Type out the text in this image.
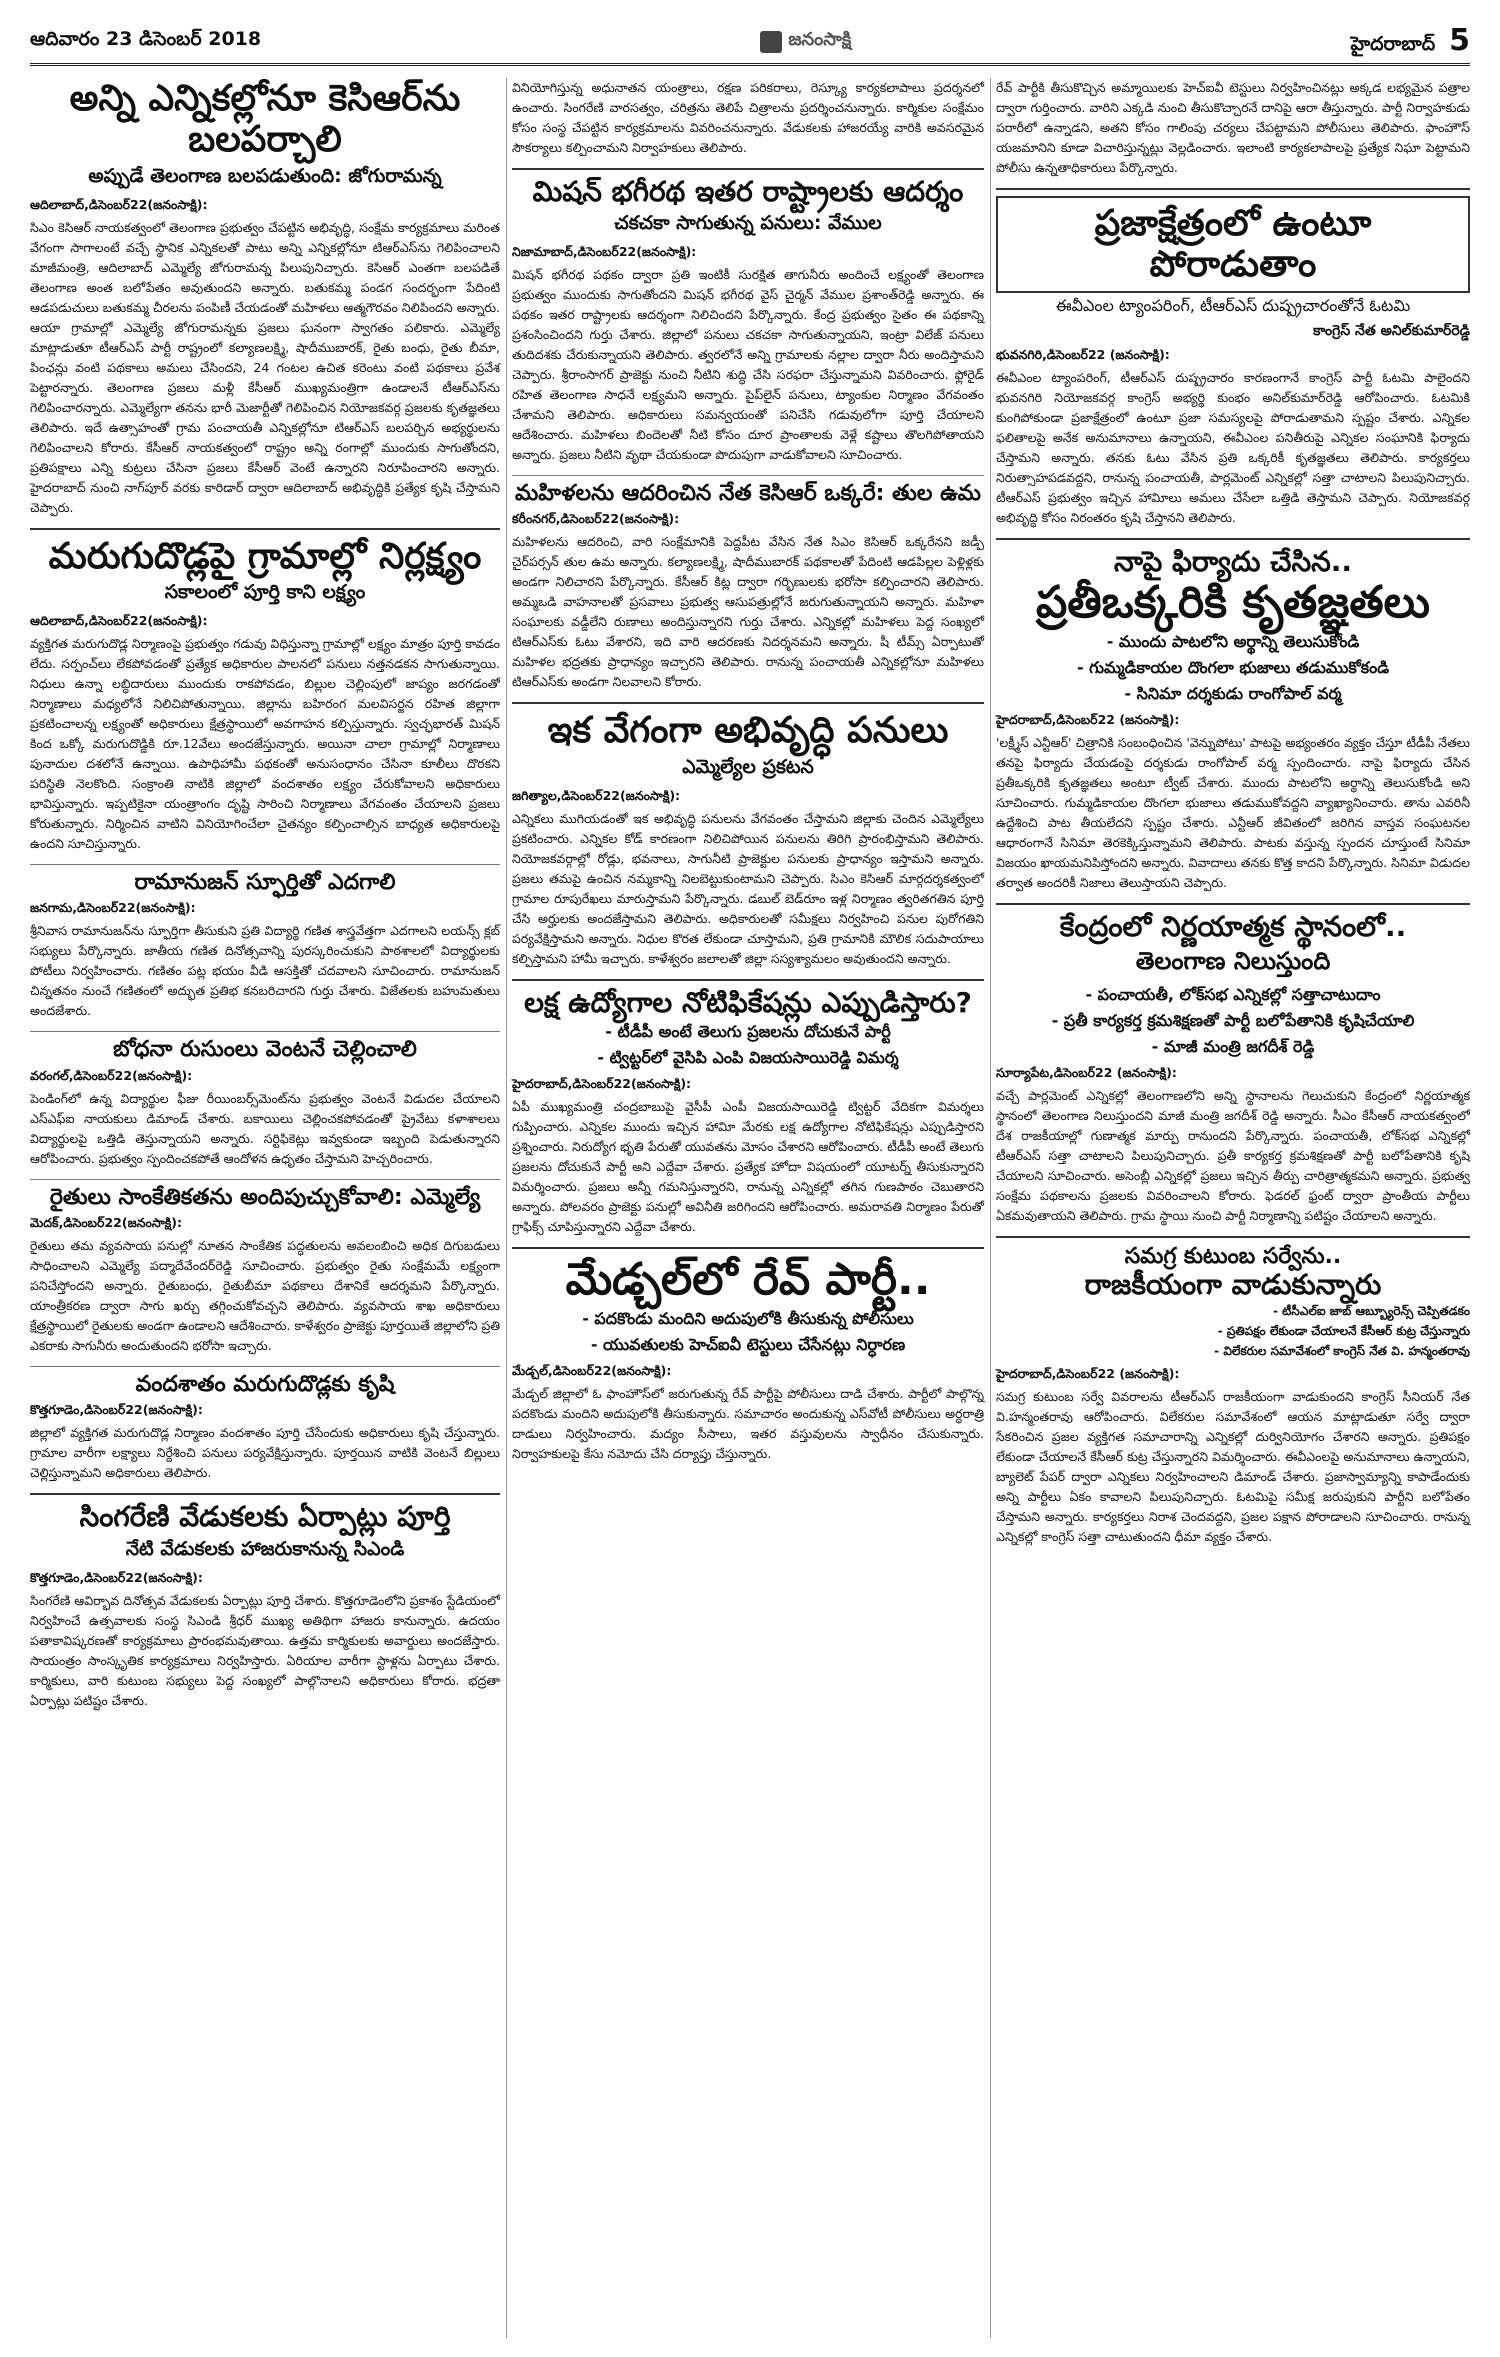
ఆదివారం 23 డిసెంబర్ 2018	జనంసాక్షి	హైదరాబాద్ 5
అన్ని ఎన్నికల్లోనూ కెసిఆర్‌ను బలపర్చాలి
అప్పుడే తెలంగాణ బలపడుతుంది: జోగురామన్న
ఆదిలాబాద్‌,డిసెంబర్‌22(జనంసాక్షి):
సిఎం కెసిఆర్‌ నాయకత్వంలో తెలంగాణ ప్రభుత్వం చేపట్టిన అభివృద్ధి, సంక్షేమ కార్యక్రమాలు మరింత వేగంగా సాగాలంటే వచ్చే స్థానిక ఎన్నికలతో పాటు అన్ని ఎన్నికల్లోనూ టిఆర్‌ఎస్‌ను గెలిపించాలని మాజీమంత్రి, ఆదిలాబాద్‌ ఎమ్మెల్యే జోగురామన్న పిలుపునిచ్చారు. కెసిఆర్‌ ఎంతగా బలపడితే తెలంగాణ అంత బలోపేతం అవుతుందని అన్నారు. బతుకమ్మ పండగ సందర్భంగా పేదింటి ఆడపడుచులు బతుకమ్మ చీరలను పంపిణీ చేయడంతో మహిళలు ఆత్మగౌరవం నిలిపిందని అన్నారు. ఆయా గ్రామాల్లో ఎమ్మెల్యే జోగురామన్నకు ప్రజలు ఘనంగా స్వాగతం పలికారు. ఎమ్మెల్యే మాట్లాడుతూ టీఆర్‌ఎస్‌ పార్టీ రాష్ట్రంలో కల్యాణలక్ష్మి, షాదీముబారక్‌, రైతు బంధు, రైతు బీమా, పింఛన్లు వంటి పథకాలు అమలు చేసిందని, 24 గంటల ఉచిత కరెంటు వంటి పథకాలు ప్రవేశ పెట్టారన్నారు. తెలంగాణ ప్రజలు మళ్లీ కేసీఆర్‌ ముఖ్యమంత్రిగా ఉండాలనే టీఆర్‌ఎస్‌ను గెలిపించారన్నారు. ఎమ్మెల్యేగా తనను భారీ మెజార్టీతో గెలిపించిన నియోజకవర్గ ప్రజలకు కృతజ్ఞతలు తెలిపారు. ఇదే ఉత్సాహంతో గ్రామ పంచాయతీ ఎన్నికల్లోనూ టిఆర్‌ఎస్‌ బలపర్చిన అభ్యర్థులను గెలిపించాలని కోరారు. కేసీఆర్‌ నాయకత్వంలో రాష్ట్రం అన్ని రంగాల్లో ముందుకు సాగుతోందని, ప్రతిపక్షాలు ఎన్ని కుట్రలు చేసినా ప్రజలు కేసీఆర్‌ వెంటే ఉన్నారని నిరూపించారని అన్నారు. హైదరాబాద్‌ నుంచి నాగ్‌పూర్‌ వరకు కారిడార్‌ ద్వారా ఆదిలాబాద్‌ అభివృద్ధికి ప్రత్యేక కృషి చేస్తామని చెప్పారు.
మరుగుదొడ్లపై గ్రామాల్లో నిర్లక్ష్యం
సకాలంలో పూర్తి కాని లక్ష్యం
ఆదిలాబాద్‌,డిసెంబర్‌22(జనంసాక్షి):
వ్యక్తిగత మరుగుదొడ్ల నిర్మాణంపై ప్రభుత్వం గడువు విధిస్తున్నా గ్రామాల్లో లక్ష్యం మాత్రం పూర్తి కావడం లేదు. సర్పంచ్‌లు లేకపోవడంతో ప్రత్యేక అధికారుల పాలనలో పనులు నత్తనడకన సాగుతున్నాయి. నిధులు ఉన్నా లబ్ధిదారులు ముందుకు రాకపోవడం, బిల్లుల చెల్లింపులో జాప్యం జరగడంతో నిర్మాణాలు మధ్యలోనే నిలిచిపోతున్నాయి. జిల్లాను బహిరంగ మలవిసర్జన రహిత జిల్లాగా ప్రకటించాలన్న లక్ష్యంతో అధికారులు క్షేత్రస్థాయిలో అవగాహన కల్పిస్తున్నారు. స్వచ్ఛభారత్‌ మిషన్‌ కింద ఒక్కో మరుగుదొడ్డికి రూ.12వేలు అందజేస్తున్నారు. అయినా చాలా గ్రామాల్లో నిర్మాణాలు పునాదుల దశలోనే ఉన్నాయి. ఉపాధిహామీ పథకంతో అనుసంధానం చేసినా కూలీలు దొరకని పరిస్థితి నెలకొంది. సంక్రాంతి నాటికి జిల్లాలో వందశాతం లక్ష్యం చేరుకోవాలని అధికారులు భావిస్తున్నారు. ఇప్పటికైనా యంత్రాంగం దృష్టి సారించి నిర్మాణాలు వేగవంతం చేయాలని ప్రజలు కోరుతున్నారు. నిర్మించిన వాటిని వినియోగించేలా చైతన్యం కల్పించాల్సిన బాధ్యత అధికారులపై ఉందని సూచిస్తున్నారు.
రామానుజన్‌ స్ఫూర్తితో ఎదగాలి
జనగామ,డిసెంబర్‌22(జనంసాక్షి):
శ్రీనివాస రామానుజన్‌ను స్ఫూర్తిగా తీసుకుని ప్రతి విద్యార్థి గణిత శాస్త్రవేత్తగా ఎదగాలని లయన్స్‌ క్లబ్‌ సభ్యులు పేర్కొన్నారు. జాతీయ గణిత దినోత్సవాన్ని పురస్కరించుకుని పాఠశాలలో విద్యార్థులకు పోటీలు నిర్వహించారు. గణితం పట్ల భయం వీడి ఆసక్తితో చదవాలని సూచించారు. రామానుజన్‌ చిన్నతనం నుంచే గణితంలో అద్భుత ప్రతిభ కనబరిచారని గుర్తు చేశారు. విజేతలకు బహుమతులు అందజేశారు.
బోధనా రుసుంలు వెంటనే చెల్లించాలి
వరంగల్‌,డిసెంబర్‌22(జనంసాక్షి):
పెండింగ్‌లో ఉన్న విద్యార్థుల ఫీజు రీయింబర్స్‌మెంట్‌ను ప్రభుత్వం వెంటనే విడుదల చేయాలని ఎస్‌ఎఫ్‌ఐ నాయకులు డిమాండ్‌ చేశారు. బకాయిలు చెల్లించకపోవడంతో ప్రైవేటు కళాశాలలు విద్యార్థులపై ఒత్తిడి తెస్తున్నాయని అన్నారు. సర్టిఫికెట్లు ఇవ్వకుండా ఇబ్బంది పెడుతున్నారని ఆరోపించారు. ప్రభుత్వం స్పందించకపోతే ఆందోళన ఉధృతం చేస్తామని హెచ్చరించారు.
రైతులు సాంకేతికతను అందిపుచ్చుకోవాలి: ఎమ్మెల్యే
మెదక్‌,డిసెంబర్‌22(జనంసాక్షి):
రైతులు తమ వ్యవసాయ పనుల్లో నూతన సాంకేతిక పద్ధతులను అవలంబించి అధిక దిగుబడులు సాధించాలని ఎమ్మెల్యే పద్మాదేవేందర్‌రెడ్డి సూచించారు. ప్రభుత్వం రైతు సంక్షేమమే లక్ష్యంగా పనిచేస్తోందని అన్నారు. రైతుబంధు, రైతుబీమా పథకాలు దేశానికే ఆదర్శమని పేర్కొన్నారు. యాంత్రీకరణ ద్వారా సాగు ఖర్చు తగ్గించుకోవచ్చని తెలిపారు. వ్యవసాయ శాఖ అధికారులు క్షేత్రస్థాయిలో రైతులకు అండగా ఉండాలని ఆదేశించారు. కాళేశ్వరం ప్రాజెక్టు పూర్తయితే జిల్లాలోని ప్రతి ఎకరాకు సాగునీరు అందుతుందని భరోసా ఇచ్చారు.
వందశాతం మరుగుదొడ్లకు కృషి
కొత్తగూడెం,డిసెంబర్‌22(జనంసాక్షి):
జిల్లాలో వ్యక్తిగత మరుగుదొడ్ల నిర్మాణం వందశాతం పూర్తి చేసేందుకు అధికారులు కృషి చేస్తున్నారు. గ్రామాల వారీగా లక్ష్యాలు నిర్దేశించి పనులు పర్యవేక్షిస్తున్నారు. పూర్తయిన వాటికి వెంటనే బిల్లులు చెల్లిస్తున్నామని అధికారులు తెలిపారు.
సింగరేణి వేడుకలకు ఏర్పాట్లు పూర్తి
నేటి వేడుకలకు హాజరుకానున్న సిఎండి
కొత్తగూడెం,డిసెంబర్‌22(జనంసాక్షి):
సింగరేణి ఆవిర్భావ దినోత్సవ వేడుకలకు ఏర్పాట్లు పూర్తి చేశారు. కొత్తగూడెంలోని ప్రకాశం స్టేడియంలో నిర్వహించే ఉత్సవాలకు సంస్థ సిఎండి శ్రీధర్‌ ముఖ్య అతిథిగా హాజరు కానున్నారు. ఉదయం పతాకావిష్కరణతో కార్యక్రమాలు ప్రారంభమవుతాయి. ఉత్తమ కార్మికులకు అవార్డులు అందజేస్తారు. సాయంత్రం సాంస్కృతిక కార్యక్రమాలు నిర్వహిస్తారు. ఏరియాల వారీగా స్టాళ్లను ఏర్పాటు చేశారు. కార్మికులు, వారి కుటుంబ సభ్యులు పెద్ద సంఖ్యలో పాల్గొనాలని అధికారులు కోరారు. భద్రతా ఏర్పాట్లు పటిష్టం చేశారు.
వినియోగిస్తున్న అధునాతన యంత్రాలు, రక్షణ పరికరాలు, రెస్క్యూ కార్యకలాపాలు ప్రదర్శనలో ఉంచారు. సింగరేణి వారసత్వం, చరిత్రను తెలిపే చిత్రాలను ప్రదర్శించనున్నారు. కార్మికుల సంక్షేమం కోసం సంస్థ చేపట్టిన కార్యక్రమాలను వివరించనున్నారు. వేడుకలకు హాజరయ్యే వారికి అవసరమైన సౌకర్యాలు కల్పించామని నిర్వాహకులు తెలిపారు.
మిషన్‌ భగీరథ ఇతర రాష్ట్రాలకు ఆదర్శం
చకచకా సాగుతున్న పనులు: వేముల
నిజామాబాద్‌,డిసెంబర్‌22(జనంసాక్షి):
మిషన్‌ భగీరథ పథకం ద్వారా ప్రతి ఇంటికీ సురక్షిత తాగునీరు అందించే లక్ష్యంతో తెలంగాణ ప్రభుత్వం ముందుకు సాగుతోందని మిషన్‌ భగీరథ వైస్‌ చైర్మన్‌ వేముల ప్రశాంత్‌రెడ్డి అన్నారు. ఈ పథకం ఇతర రాష్ట్రాలకు ఆదర్శంగా నిలిచిందని పేర్కొన్నారు. కేంద్ర ప్రభుత్వం సైతం ఈ పథకాన్ని ప్రశంసించిందని గుర్తు చేశారు. జిల్లాలో పనులు చకచకా సాగుతున్నాయని, ఇంట్రా విలేజ్‌ పనులు తుదిదశకు చేరుకున్నాయని తెలిపారు. త్వరలోనే అన్ని గ్రామాలకు నల్లాల ద్వారా నీరు అందిస్తామని చెప్పారు. శ్రీరాంసాగర్‌ ప్రాజెక్టు నుంచి నీటిని శుద్ధి చేసి సరఫరా చేస్తున్నామని వివరించారు. ఫ్లోరైడ్‌ రహిత తెలంగాణ సాధనే లక్ష్యమని అన్నారు. పైప్‌లైన్‌ పనులు, ట్యాంకుల నిర్మాణం వేగవంతం చేశామని తెలిపారు. అధికారులు సమన్వయంతో పనిచేసి గడువులోగా పూర్తి చేయాలని ఆదేశించారు. మహిళలు బిందెలతో నీటి కోసం దూర ప్రాంతాలకు వెళ్లే కష్టాలు తొలగిపోతాయని అన్నారు. ప్రజలు నీటిని వృథా చేయకుండా పొదుపుగా వాడుకోవాలని సూచించారు.
మహిళలను ఆదరించిన నేత కెసిఆర్‌ ఒక్కరే: తుల ఉమ
కరీంనగర్‌,డిసెంబర్‌22(జనంసాక్షి):
మహిళలను ఆదరించి, వారి సంక్షేమానికి పెద్దపీట వేసిన నేత సిఎం కెసిఆర్‌ ఒక్కరేనని జడ్పీ చైర్‌పర్సన్‌ తుల ఉమ అన్నారు. కల్యాణలక్ష్మి, షాదీముబారక్‌ పథకాలతో పేదింటి ఆడపిల్లల పెళ్లిళ్లకు అండగా నిలిచారని పేర్కొన్నారు. కేసీఆర్‌ కిట్ల ద్వారా గర్భిణులకు భరోసా కల్పించారని తెలిపారు. అమ్మఒడి వాహనాలతో ప్రసవాలు ప్రభుత్వ ఆసుపత్రుల్లోనే జరుగుతున్నాయని అన్నారు. మహిళా సంఘాలకు వడ్డీలేని రుణాలు అందిస్తున్నారని గుర్తు చేశారు. ఎన్నికల్లో మహిళలు పెద్ద సంఖ్యలో టిఆర్‌ఎస్‌కు ఓటు వేశారని, ఇది వారి ఆదరణకు నిదర్శనమని అన్నారు. షీ టీమ్స్‌ ఏర్పాటుతో మహిళల భద్రతకు ప్రాధాన్యం ఇచ్చారని తెలిపారు. రానున్న పంచాయతీ ఎన్నికల్లోనూ మహిళలు టిఆర్‌ఎస్‌కు అండగా నిలవాలని కోరారు.
ఇక వేగంగా అభివృద్ధి పనులు
ఎమ్మెల్యేల ప్రకటన
జగిత్యాల,డిసెంబర్‌22(జనంసాక్షి):
ఎన్నికలు ముగియడంతో ఇక అభివృద్ధి పనులను వేగవంతం చేస్తామని జిల్లాకు చెందిన ఎమ్మెల్యేలు ప్రకటించారు. ఎన్నికల కోడ్‌ కారణంగా నిలిచిపోయిన పనులను తిరిగి ప్రారంభిస్తామని తెలిపారు. నియోజకవర్గాల్లో రోడ్లు, భవనాలు, సాగునీటి ప్రాజెక్టుల పనులకు ప్రాధాన్యం ఇస్తామని అన్నారు. ప్రజలు తమపై ఉంచిన నమ్మకాన్ని నిలబెట్టుకుంటామని చెప్పారు. సిఎం కెసిఆర్‌ మార్గదర్శకత్వంలో గ్రామాల రూపురేఖలు మారుస్తామని పేర్కొన్నారు. డబుల్‌ బెడ్‌రూం ఇళ్ల నిర్మాణం త్వరితగతిన పూర్తి చేసి అర్హులకు అందజేస్తామని తెలిపారు. అధికారులతో సమీక్షలు నిర్వహించి పనుల పురోగతిని పర్యవేక్షిస్తామని అన్నారు. నిధుల కొరత లేకుండా చూస్తామని, ప్రతి గ్రామానికి మౌలిక సదుపాయాలు కల్పిస్తామని హామీ ఇచ్చారు. కాళేశ్వరం జలాలతో జిల్లా సస్యశ్యామలం అవుతుందని అన్నారు.
లక్ష ఉద్యోగాల నోటిఫికేషన్లు ఎప్పుడిస్తారు?
- టీడీపీ అంటే తెలుగు ప్రజలను దోచుకునే పార్టీ
- ట్విట్టర్‌లో వైసిపి ఎంపి విజయసాయిరెడ్డి విమర్శ
హైదరాబాద్‌,డిసెంబర్‌22(జనంసాక్షి):
ఏపీ ముఖ్యమంత్రి చంద్రబాబుపై వైసీపీ ఎంపీ విజయసాయిరెడ్డి ట్విట్టర్‌ వేదికగా విమర్శలు గుప్పించారు. ఎన్నికల ముందు ఇచ్చిన హావిూ మేరకు లక్ష ఉద్యోగాల నోటిఫికేషన్లు ఎప్పుడిస్తారని ప్రశ్నించారు. నిరుద్యోగ భృతి పేరుతో యువతను మోసం చేశారని ఆరోపించారు. టీడీపీ అంటే తెలుగు ప్రజలను దోచుకునే పార్టీ అని ఎద్దేవా చేశారు. ప్రత్యేక హోదా విషయంలో యూటర్న్‌ తీసుకున్నారని విమర్శించారు. ప్రజలు అన్నీ గమనిస్తున్నారని, రానున్న ఎన్నికల్లో తగిన గుణపాఠం చెబుతారని అన్నారు. పోలవరం ప్రాజెక్టు పనుల్లో అవినీతి జరిగిందని ఆరోపించారు. అమరావతి నిర్మాణం పేరుతో గ్రాఫిక్స్‌ చూపిస్తున్నారని ఎద్దేవా చేశారు.
మేడ్చల్‌లో రేవ్‌ పార్టీ..
- పదకొండు మందిని అదుపులోకి తీసుకున్న పోలీసులు
- యువతులకు హెచ్‌ఐవీ టెస్టులు చేసేనట్లు నిర్ధారణ
మేడ్చల్‌,డిసెంబర్‌22(జనంసాక్షి):
మేడ్చల్‌ జిల్లాలో ఓ ఫాంహౌస్‌లో జరుగుతున్న రేవ్‌ పార్టీపై పోలీసులు దాడి చేశారు. పార్టీలో పాల్గొన్న పదకొండు మందిని అదుపులోకి తీసుకున్నారు. సమాచారం అందుకున్న ఎస్‌వోటీ పోలీసులు అర్ధరాత్రి దాడులు నిర్వహించారు. మద్యం సీసాలు, ఇతర వస్తువులను స్వాధీనం చేసుకున్నారు. నిర్వాహకులపై కేసు నమోదు చేసి దర్యాప్తు చేస్తున్నారు.
రేవ్‌ పార్టీకి తీసుకొచ్చిన అమ్మాయిలకు హెచ్‌ఐవీ టెస్టులు నిర్వహించినట్లు అక్కడ లభ్యమైన పత్రాల ద్వారా గుర్తించారు. వారిని ఎక్కడి నుంచి తీసుకొచ్చారనే దానిపై ఆరా తీస్తున్నారు. పార్టీ నిర్వాహకుడు పరారీలో ఉన్నాడని, అతని కోసం గాలింపు చర్యలు చేపట్టామని పోలీసులు తెలిపారు. ఫాంహౌస్‌ యజమానిని కూడా విచారిస్తున్నట్లు వెల్లడించారు. ఇలాంటి కార్యకలాపాలపై ప్రత్యేక నిఘా పెట్టామని పోలీసు ఉన్నతాధికారులు పేర్కొన్నారు.
ప్రజాక్షేత్రంలో ఉంటూ పోరాడుతాం
ఈవీఎంల ట్యాంపరింగ్‌, టీఆర్‌ఎస్‌ దుష్ప్రచారంతోనే ఓటమి
కాంగ్రెస్‌ నేత అనిల్‌కుమార్‌రెడ్డి
భువనగిరి,డిసెంబర్‌22 (జనంసాక్షి):
ఈవీఎంల ట్యాంపరింగ్‌, టీఆర్‌ఎస్‌ దుష్ప్రచారం కారణంగానే కాంగ్రెస్‌ పార్టీ ఓటమి పాలైందని భువనగిరి నియోజకవర్గ కాంగ్రెస్‌ అభ్యర్థి కుంభం అనిల్‌కుమార్‌రెడ్డి ఆరోపించారు. ఓటమికి కుంగిపోకుండా ప్రజాక్షేత్రంలో ఉంటూ ప్రజా సమస్యలపై పోరాడుతామని స్పష్టం చేశారు. ఎన్నికల ఫలితాలపై అనేక అనుమానాలు ఉన్నాయని, ఈవీఎంల పనితీరుపై ఎన్నికల సంఘానికి ఫిర్యాదు చేస్తామని అన్నారు. తనకు ఓటు వేసిన ప్రతి ఒక్కరికీ కృతజ్ఞతలు తెలిపారు. కార్యకర్తలు నిరుత్సాహపడవద్దని, రానున్న పంచాయతీ, పార్లమెంట్‌ ఎన్నికల్లో సత్తా చాటాలని పిలుపునిచ్చారు. టీఆర్‌ఎస్‌ ప్రభుత్వం ఇచ్చిన హావిూలు అమలు చేసేలా ఒత్తిడి తెస్తామని చెప్పారు. నియోజకవర్గ అభివృద్ధి కోసం నిరంతరం కృషి చేస్తానని తెలిపారు.
నాపై ఫిర్యాదు చేసిన..
ప్రతీఒక్కరికి కృతజ్ఞతలు
- ముందు పాటలోని అర్థాన్ని తెలుసుకోండి
- గుమ్మడికాయల దొంగలా భుజాలు తడుముకోకండి
- సినిమా దర్శకుడు రాంగోపాల్‌ వర్మ
హైదరాబాద్‌,డిసెంబర్‌22 (జనంసాక్షి):
'లక్ష్మీస్‌ ఎన్టీఆర్‌' చిత్రానికి సంబంధించిన 'వెన్నుపోటు' పాటపై అభ్యంతరం వ్యక్తం చేస్తూ టీడీపీ నేతలు తనపై ఫిర్యాదు చేయడంపై దర్శకుడు రాంగోపాల్‌ వర్మ స్పందించారు. నాపై ఫిర్యాదు చేసిన ప్రతీఒక్కరికి కృతజ్ఞతలు అంటూ ట్వీట్‌ చేశారు. ముందు పాటలోని అర్థాన్ని తెలుసుకోండి అని సూచించారు. గుమ్మడికాయల దొంగలా భుజాలు తడుముకోవద్దని వ్యాఖ్యానించారు. తాను ఎవరినీ ఉద్దేశించి పాట తీయలేదని స్పష్టం చేశారు. ఎన్టీఆర్‌ జీవితంలో జరిగిన వాస్తవ సంఘటనల ఆధారంగానే సినిమా తెరకెక్కిస్తున్నామని తెలిపారు. పాటకు వస్తున్న స్పందన చూస్తుంటే సినిమా విజయం ఖాయమనిపిస్తోందని అన్నారు. వివాదాలు తనకు కొత్త కాదని పేర్కొన్నారు. సినిమా విడుదల తర్వాత అందరికీ నిజాలు తెలుస్తాయని చెప్పారు.
కేంద్రంలో నిర్ణయాత్మక స్థానంలో..
తెలంగాణ నిలుస్తుంది
- పంచాయతీ, లోక్‌సభ ఎన్నికల్లో సత్తాచాటుదాం
- ప్రతీ కార్యకర్త క్రమశిక్షణతో పార్టీ బలోపేతానికి కృషిచేయాలి
- మాజీ మంత్రి జగదీశ్‌ రెడ్డి
సూర్యాపేట,డిసెంబర్‌22 (జనంసాక్షి):
వచ్చే పార్లమెంట్‌ ఎన్నికల్లో తెలంగాణలోని అన్ని స్థానాలను గెలుచుకుని కేంద్రంలో నిర్ణయాత్మక స్థానంలో తెలంగాణ నిలుస్తుందని మాజీ మంత్రి జగదీశ్‌ రెడ్డి అన్నారు. సీఎం కేసీఆర్‌ నాయకత్వంలో దేశ రాజకీయాల్లో గుణాత్మక మార్పు రానుందని పేర్కొన్నారు. పంచాయతీ, లోక్‌సభ ఎన్నికల్లో టీఆర్‌ఎస్‌ సత్తా చాటాలని పిలుపునిచ్చారు. ప్రతీ కార్యకర్త క్రమశిక్షణతో పార్టీ బలోపేతానికి కృషి చేయాలని సూచించారు. అసెంబ్లీ ఎన్నికల్లో ప్రజలు ఇచ్చిన తీర్పు చారిత్రాత్మకమని అన్నారు. ప్రభుత్వ సంక్షేమ పథకాలను ప్రజలకు వివరించాలని కోరారు. ఫెడరల్‌ ఫ్రంట్‌ ద్వారా ప్రాంతీయ పార్టీలు ఏకమవుతాయని తెలిపారు. గ్రామ స్థాయి నుంచి పార్టీ నిర్మాణాన్ని పటిష్టం చేయాలని అన్నారు.
సమగ్ర కుటుంబ సర్వేను..
రాజకీయంగా వాడుకున్నారు
- టీసీఎల్‌ఐ జాబ్‌ ఆబ్బ్యూరెన్స్‌ చెప్పితడకం
- ప్రతిపక్షం లేకుండా చేయాలనే కేసీఆర్‌ కుట్ర చేస్తున్నారు
- విలేకరుల సమావేశంలో కాంగ్రెస్‌ నేత వి. హన్మంతరావు
హైదరాబాద్‌,డిసెంబర్‌22 (జనంసాక్షి):
సమగ్ర కుటుంబ సర్వే వివరాలను టీఆర్‌ఎస్‌ రాజకీయంగా వాడుకుందని కాంగ్రెస్‌ సీనియర్‌ నేత వి.హన్మంతరావు ఆరోపించారు. విలేకరుల సమావేశంలో ఆయన మాట్లాడుతూ సర్వే ద్వారా సేకరించిన ప్రజల వ్యక్తిగత సమాచారాన్ని ఎన్నికల్లో దుర్వినియోగం చేశారని అన్నారు. ప్రతిపక్షం లేకుండా చేయాలనే కేసీఆర్‌ కుట్ర చేస్తున్నారని విమర్శించారు. ఈవీఎంలపై అనుమానాలు ఉన్నాయని, బ్యాలెట్‌ పేపర్‌ ద్వారా ఎన్నికలు నిర్వహించాలని డిమాండ్‌ చేశారు. ప్రజాస్వామ్యాన్ని కాపాడేందుకు అన్ని పార్టీలు ఏకం కావాలని పిలుపునిచ్చారు. ఓటమిపై సమీక్ష జరుపుకుని పార్టీని బలోపేతం చేస్తామని అన్నారు. కార్యకర్తలు నిరాశ చెందవద్దని, ప్రజల పక్షాన పోరాడాలని సూచించారు. రానున్న ఎన్నికల్లో కాంగ్రెస్‌ సత్తా చాటుతుందని ధీమా వ్యక్తం చేశారు.
